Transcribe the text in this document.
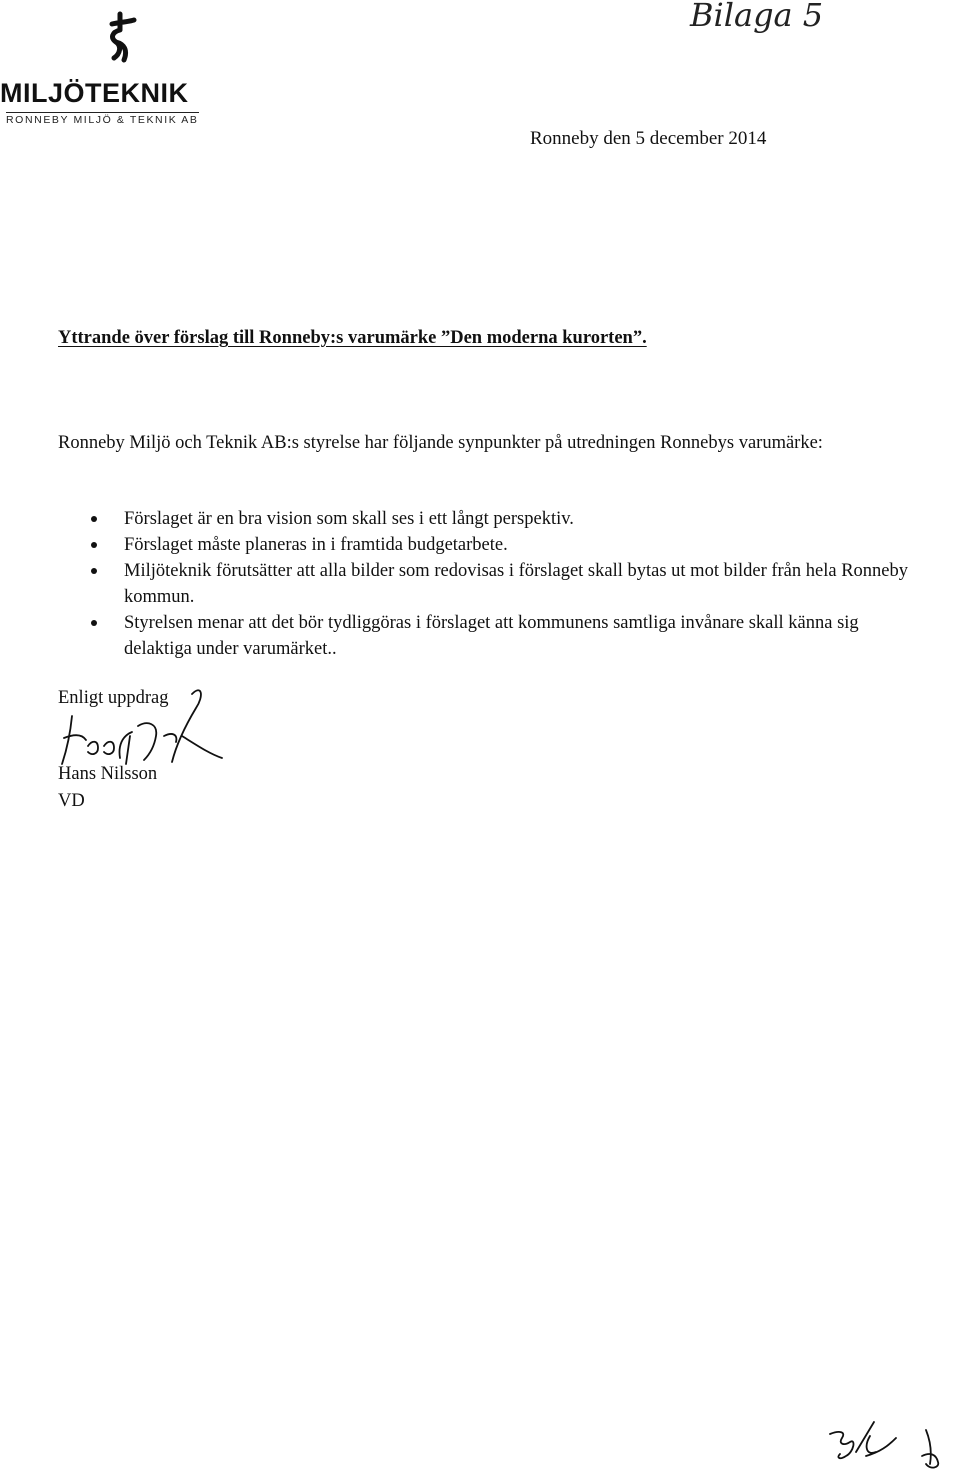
MILJÖTEKNIK
RONNEBY MILJÖ & TEKNIK AB
Bilaga 5
Ronneby den 5 december 2014
Yttrande över förslag till Ronneby:s varumärke ”Den moderna kurorten”.
Ronneby Miljö och Teknik AB:s styrelse har följande synpunkter på utredningen Ronnebys varumärke:
Förslaget är en bra vision som skall ses i ett långt perspektiv.
Förslaget måste planeras in i framtida budgetarbete.
Miljöteknik förutsätter att alla bilder som redovisas i förslaget skall bytas ut mot bilder från hela Ronneby kommun.
Styrelsen menar att det bör tydliggöras i förslaget att kommunens samtliga invånare skall känna sig delaktiga under varumärket..
Enligt uppdrag
Hans Nilsson
VD
